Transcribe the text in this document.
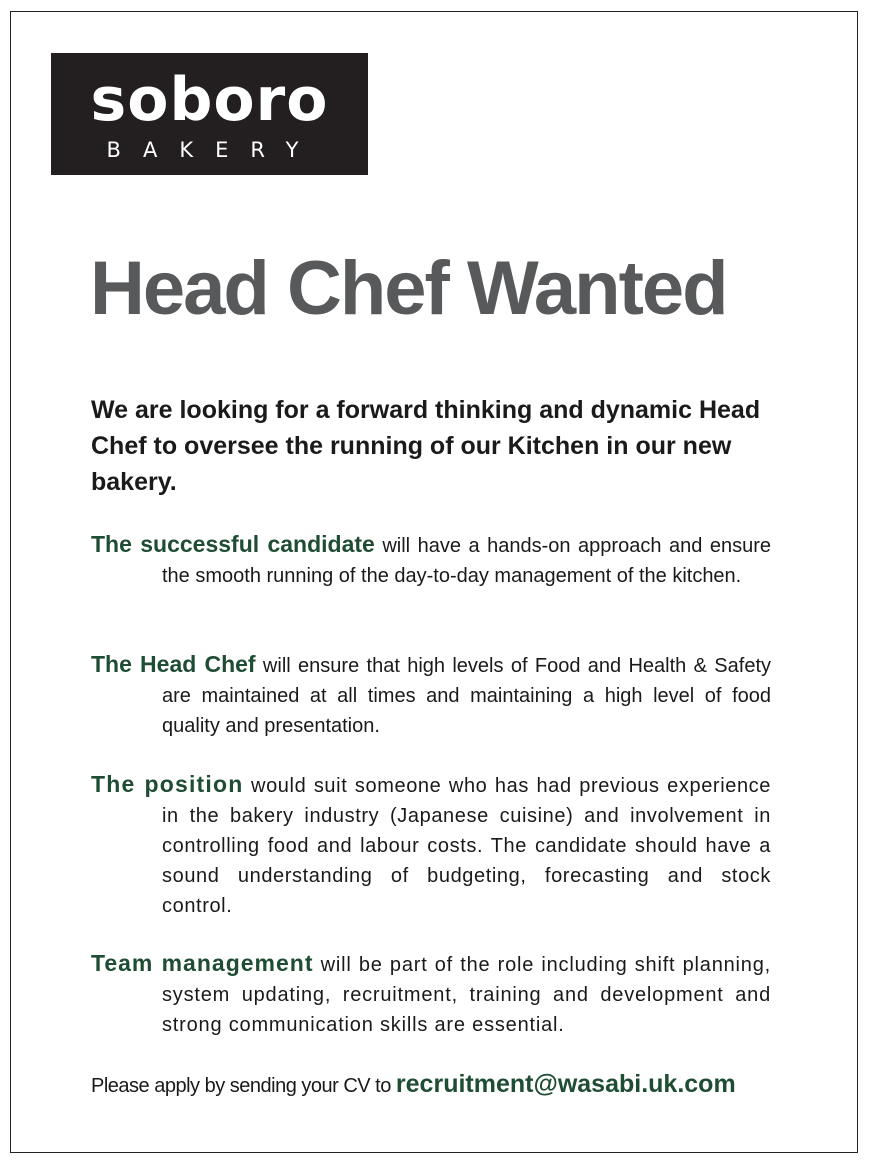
soboro
BAKERY
Head Chef Wanted
We are looking for a forward thinking and dynamic Head Chef to oversee the running of our Kitchen in our new bakery.
The successful candidate will have a hands-on approach and ensure the smooth running of the day-to-day management of the kitchen.
The Head Chef will ensure that high levels of Food and Health & Safety are maintained at all times and maintaining a high level of food quality and presentation.
The position would suit someone who has had previous experience in the bakery industry (Japanese cuisine) and involvement in controlling food and labour costs. The candidate should have a sound understanding of budgeting, forecasting and stock control.
Team management will be part of the role including shift planning, system updating, recruitment, training and development and strong communication skills are essential.
Please apply by sending your CV to recruitment@wasabi.uk.com
